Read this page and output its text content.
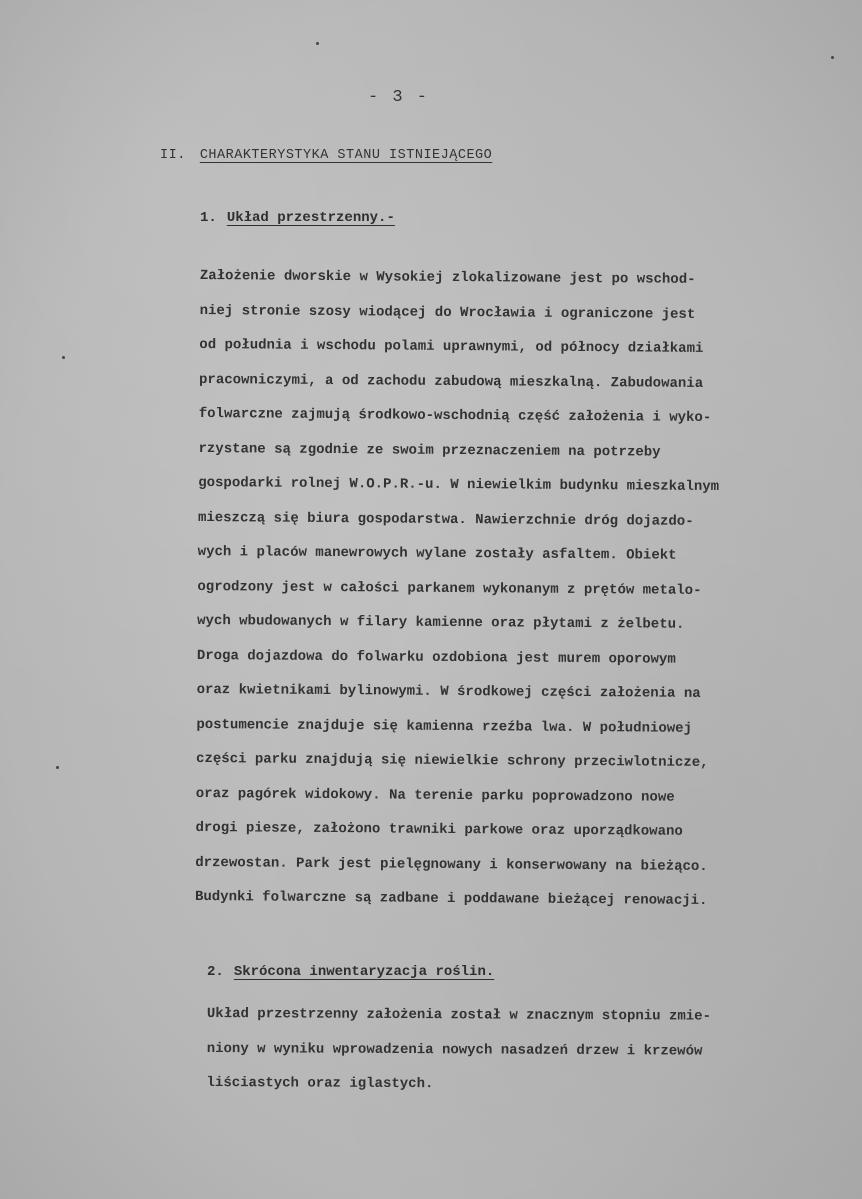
- 3 -
II. CHARAKTERYSTYKA STANU ISTNIEJĄCEGO
1. Układ przestrzenny.-
Założenie dworskie w Wysokiej zlokalizowane jest po wschod-
niej stronie szosy wiodącej do Wrocławia i ograniczone jest
od południa i wschodu polami uprawnymi, od północy działkami
pracowniczymi, a od zachodu zabudową mieszkalną. Zabudowania
folwarczne zajmują środkowo-wschodnią część założenia i wyko-
rzystane są zgodnie ze swoim przeznaczeniem na potrzeby
gospodarki rolnej W.O.P.R.-u. W niewielkim budynku mieszkalnym
mieszczą się biura gospodarstwa. Nawierzchnie dróg dojazdo-
wych i placów manewrowych wylane zostały asfaltem. Obiekt
ogrodzony jest w całości parkanem wykonanym z prętów metalo-
wych wbudowanych w filary kamienne oraz płytami z żelbetu.
Droga dojazdowa do folwarku ozdobiona jest murem oporowym
oraz kwietnikami bylinowymi. W środkowej części założenia na
postumencie znajduje się kamienna rzeźba lwa. W południowej
części parku znajdują się niewielkie schrony przeciwlotnicze,
oraz pagórek widokowy. Na terenie parku poprowadzono nowe
drogi piesze, założono trawniki parkowe oraz uporządkowano
drzewostan. Park jest pielęgnowany i konserwowany na bieżąco.
Budynki folwarczne są zadbane i poddawane bieżącej renowacji.
2. Skrócona inwentaryzacja roślin.
Układ przestrzenny założenia został w znacznym stopniu zmie-
niony w wyniku wprowadzenia nowych nasadzeń drzew i krzewów
liściastych oraz iglastych.
